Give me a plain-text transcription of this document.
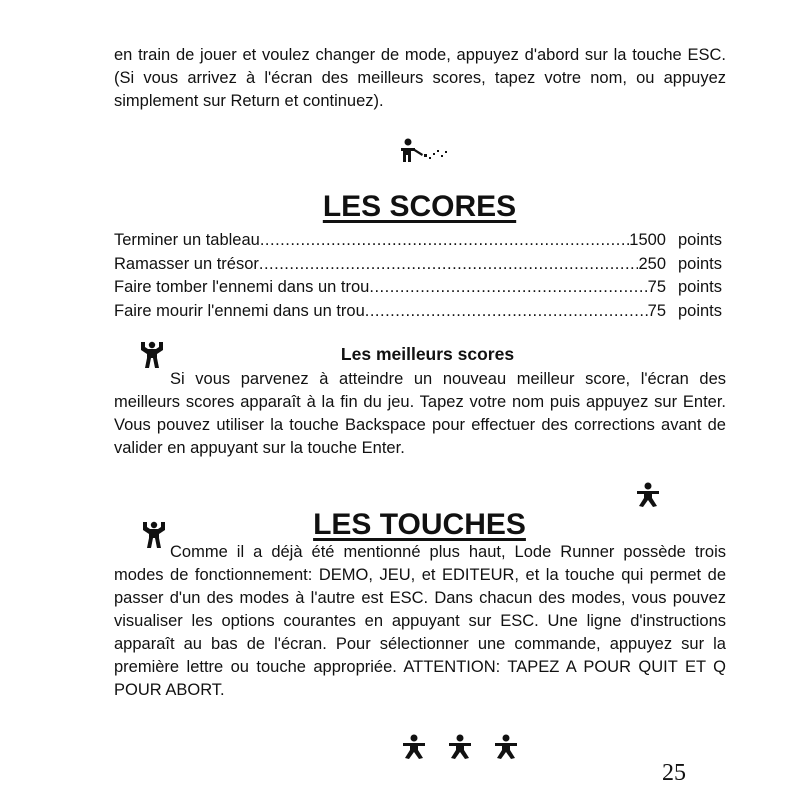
en train de jouer et voulez changer de mode, appuyez d'abord sur la touche ESC. (Si vous arrivez à l'écran des meilleurs scores, tapez votre nom, ou appuyez simplement sur Return et continuez).

LES SCORES
Terminer un tableau .....	1500 points
Ramasser un trésor .....	250 points
Faire tomber l'ennemi dans un trou .....	75 points
Faire mourir l'ennemi dans un trou .....	75 points
Les meilleurs scores

Si vous parvenez à atteindre un nouveau meilleur score, l'écran des meilleurs scores apparaît à la fin du jeu. Tapez votre nom puis appuyez sur Enter. Vous pouvez utiliser la touche Backspace pour effectuer des corrections avant de valider en appuyant sur la touche Enter.

LES TOUCHES

Comme il a déjà été mentionné plus haut, Lode Runner possède trois modes de fonctionnement: DEMO, JEU, et EDITEUR, et la touche qui permet de passer d'un des modes à l'autre est ESC. Dans chacun des modes, vous pouvez visualiser les options courantes en appuyant sur ESC. Une ligne d'instructions apparaît au bas de l'écran. Pour sélectionner une commande, appuyez sur la première lettre ou touche appropriée. ATTENTION: TAPEZ A POUR QUIT ET Q POUR ABORT.

25
